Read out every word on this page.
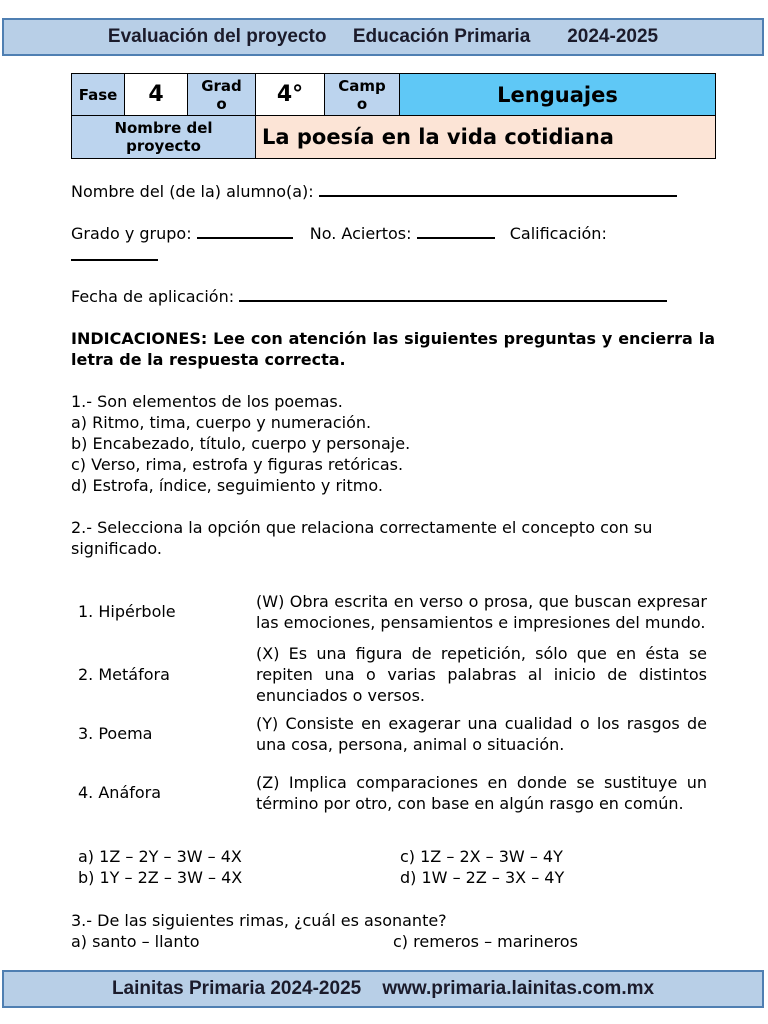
Evaluación del proyecto
Educación Primaria
2024-2025
Fase	4	Grado	4°	Campo	Lenguajes

Nombre del proyecto			La poesía en la vida cotidiana		
Nombre del (de la) alumno(a):
Grado y grupo:	No. Aciertos:	Calificación:
Fecha de aplicación:
INDICACIONES: Lee con atención las siguientes preguntas y encierra la letra de la respuesta correcta.
1.- Son elementos de los poemas.
a) Ritmo, tima, cuerpo y numeración.
b) Encabezado, título, cuerpo y personaje.
c) Verso, rima, estrofa y figuras retóricas.
d) Estrofa, índice, seguimiento y ritmo.
2.- Selecciona la opción que relaciona correctamente el concepto con su significado.
1. Hipérbole	(W) Obra escrita en verso o prosa, que buscan expresar las emociones, pensamientos e impresiones del mundo.
2. Metáfora	(X) Es una figura de repetición, sólo que en ésta se repiten una o varias palabras al inicio de distintos enunciados o versos.
3. Poema	(Y) Consiste en exagerar una cualidad o los rasgos de una cosa, persona, animal o situación.
4. Anáfora	(Z) Implica comparaciones en donde se sustituye un término por otro, con base en algún rasgo en común.
a) 1Z – 2Y – 3W – 4X	c) 1Z – 2X – 3W – 4Y
b) 1Y – 2Z – 3W – 4X	d) 1W – 2Z – 3X – 4Y
3.- De las siguientes rimas, ¿cuál es asonante?
a) santo – llanto	c) remeros – marineros
Lainitas Primaria 2024-2025
www.primaria.lainitas.com.mx
